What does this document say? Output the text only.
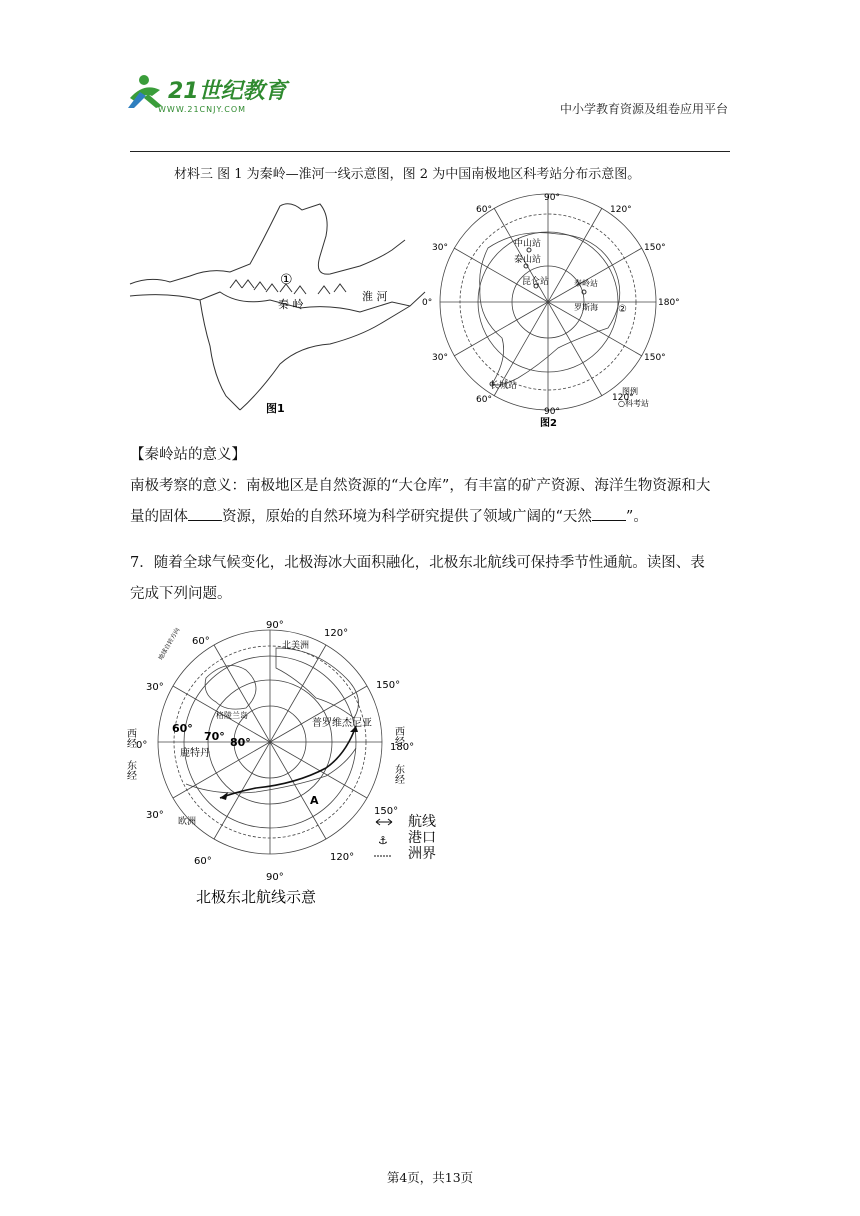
21世纪教育
WWW.21CNJY.COM	中小学教育资源及组卷应用平台
材料三 图 1 为秦岭—淮河一线示意图，图 2 为中国南极地区科考站分布示意图。
①
秦 岭
淮 河
图1
90°
60°	120°
30°	150°
0°	180°
30°	150°
60°	120°
90°
中山站
泰山站
昆仑站	秦岭站
罗斯海 ②
长城站
图例
○科考站
图2
【秦岭站的意义】
南极考察的意义：南极地区是自然资源的“大仓库”，有丰富的矿产资源、海洋生物资源和大
量的固体 资源，原始的自然环境为科学研究提供了领域广阔的“天然 ”。
7．随着全球气候变化，北极海冰大面积融化，北极东北航线可保持季节性通航。读图、表
完成下列问题。
90°
60°
120°
30°	150°
30°	150°
60°	120°
90°
北美洲
格陵兰岛
欧洲
鹿特丹
普罗维杰尼亚
A
60°
70° 80°
西经 0°
东经
西经
180°
东经
地球自转方向
航线
⚓ 港口
洲界
北极东北航线示意
第4页，共13页
